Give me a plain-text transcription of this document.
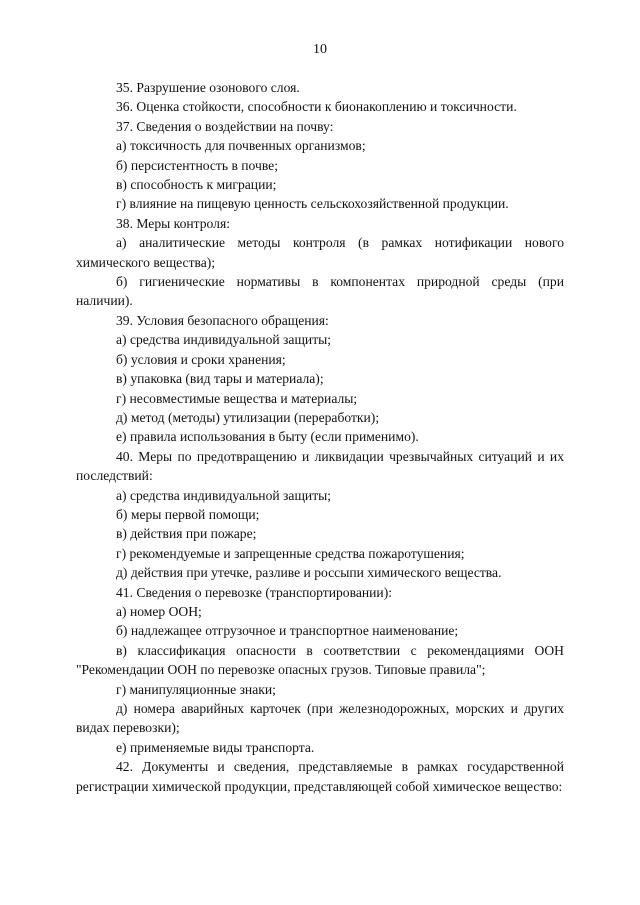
10

35. Разрушение озонового слоя.

36. Оценка стойкости, способности к бионакоплению и токсичности.

37. Сведения о воздействии на почву:

а) токсичность для почвенных организмов;

б) персистентность в почве;

в) способность к миграции;

г) влияние на пищевую ценность сельскохозяйственной продукции.

38. Меры контроля:

а) аналитические методы контроля (в рамках нотификации нового химического вещества);

б) гигиенические нормативы в компонентах природной среды (при наличии).

39. Условия безопасного обращения:

а) средства индивидуальной защиты;

б) условия и сроки хранения;

в) упаковка (вид тары и материала);

г) несовместимые вещества и материалы;

д) метод (методы) утилизации (переработки);

е) правила использования в быту (если применимо).

40. Меры по предотвращению и ликвидации чрезвычайных ситуаций и их последствий:

а) средства индивидуальной защиты;

б) меры первой помощи;

в) действия при пожаре;

г) рекомендуемые и запрещенные средства пожаротушения;

д) действия при утечке, разливе и россыпи химического вещества.

41. Сведения о перевозке (транспортировании):

а) номер ООН;

б) надлежащее отгрузочное и транспортное наименование;

в) классификация опасности в соответствии с рекомендациями ООН "Рекомендации ООН по перевозке опасных грузов. Типовые правила";

г) манипуляционные знаки;

д) номера аварийных карточек (при железнодорожных, морских и других видах перевозки);

е) применяемые виды транспорта.

42. Документы и сведения, представляемые в рамках государственной регистрации химической продукции, представляющей собой химическое вещество:
